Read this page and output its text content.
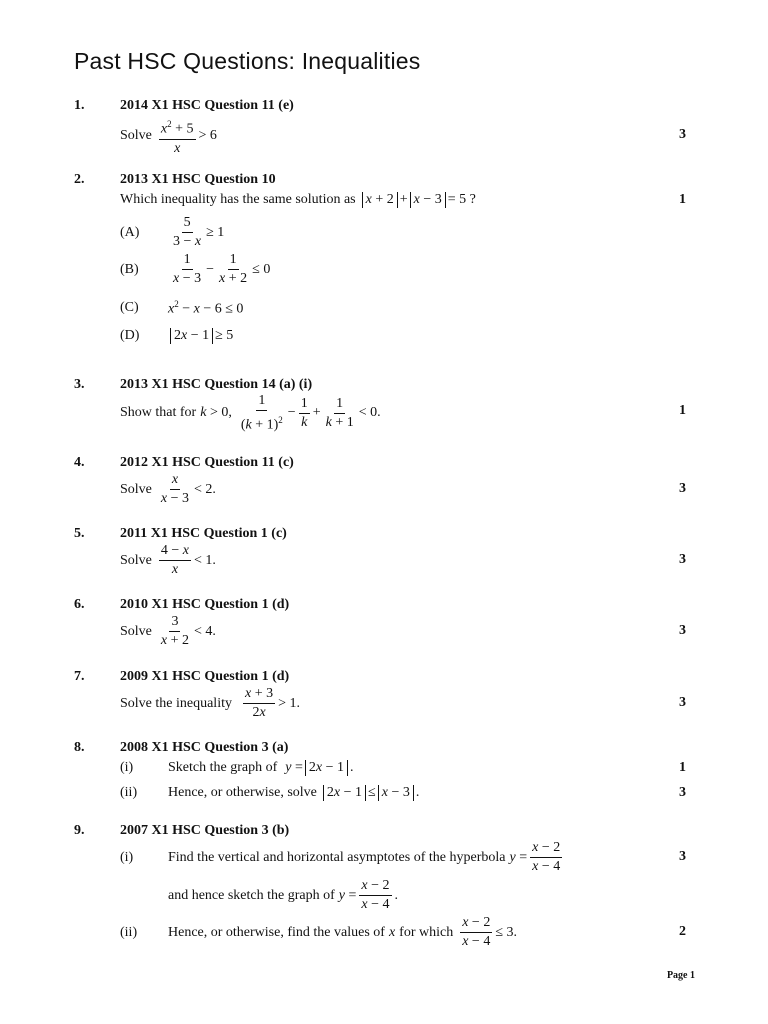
Past HSC Questions: Inequalities
1.	2014 X1 HSC Question 11 (e)
Solve $\frac{x^2 + 5}{x} > 6$	3
2.	2013 X1 HSC Question 10
Which inequality has the same solution as x + 2 + x − 3 = 5 ?	1
(A)	$\frac{5}{3 - x} \ge 1$
(B)	$\frac{1}{x - 3} - \frac{1}{x + 2} \le 0$
(C)	$x^2 - x - 6 \le 0$
(D)	2x − 1 ≥ 5
3.	2013 X1 HSC Question 14 (a) (i)
Show that for k > 0, $\frac{1}{(k + 1)^2} - \frac{1}{k} + \frac{1}{k + 1} < 0$.	1
4.	2012 X1 HSC Question 11 (c)
Solve $\frac{x}{x - 3} < 2$.	3
5.	2011 X1 HSC Question 1 (c)
Solve $\frac{4 - x}{x} < 1$.	3
6.	2010 X1 HSC Question 1 (d)
Solve $\frac{3}{x + 2} < 4$.	3
7.	2009 X1 HSC Question 1 (d)
Solve the inequality $\frac{x + 3}{2x} > 1$.	3
8.	2008 X1 HSC Question 3 (a)
(i)	Sketch the graph of y = 2x − 1 .	1
(ii)	Hence, or otherwise, solve 2x − 1 ≤ x − 3 .	3
9.	2007 X1 HSC Question 3 (b)
(i)	Find the vertical and horizontal asymptotes of the hyperbola $y = \frac{x - 2}{x - 4}$	3
and hence sketch the graph of $y = \frac{x - 2}{x - 4}$ .
(ii)	Hence, or otherwise, find the values of x for which $\frac{x - 2}{x - 4} \le 3$.	2
Page 1
